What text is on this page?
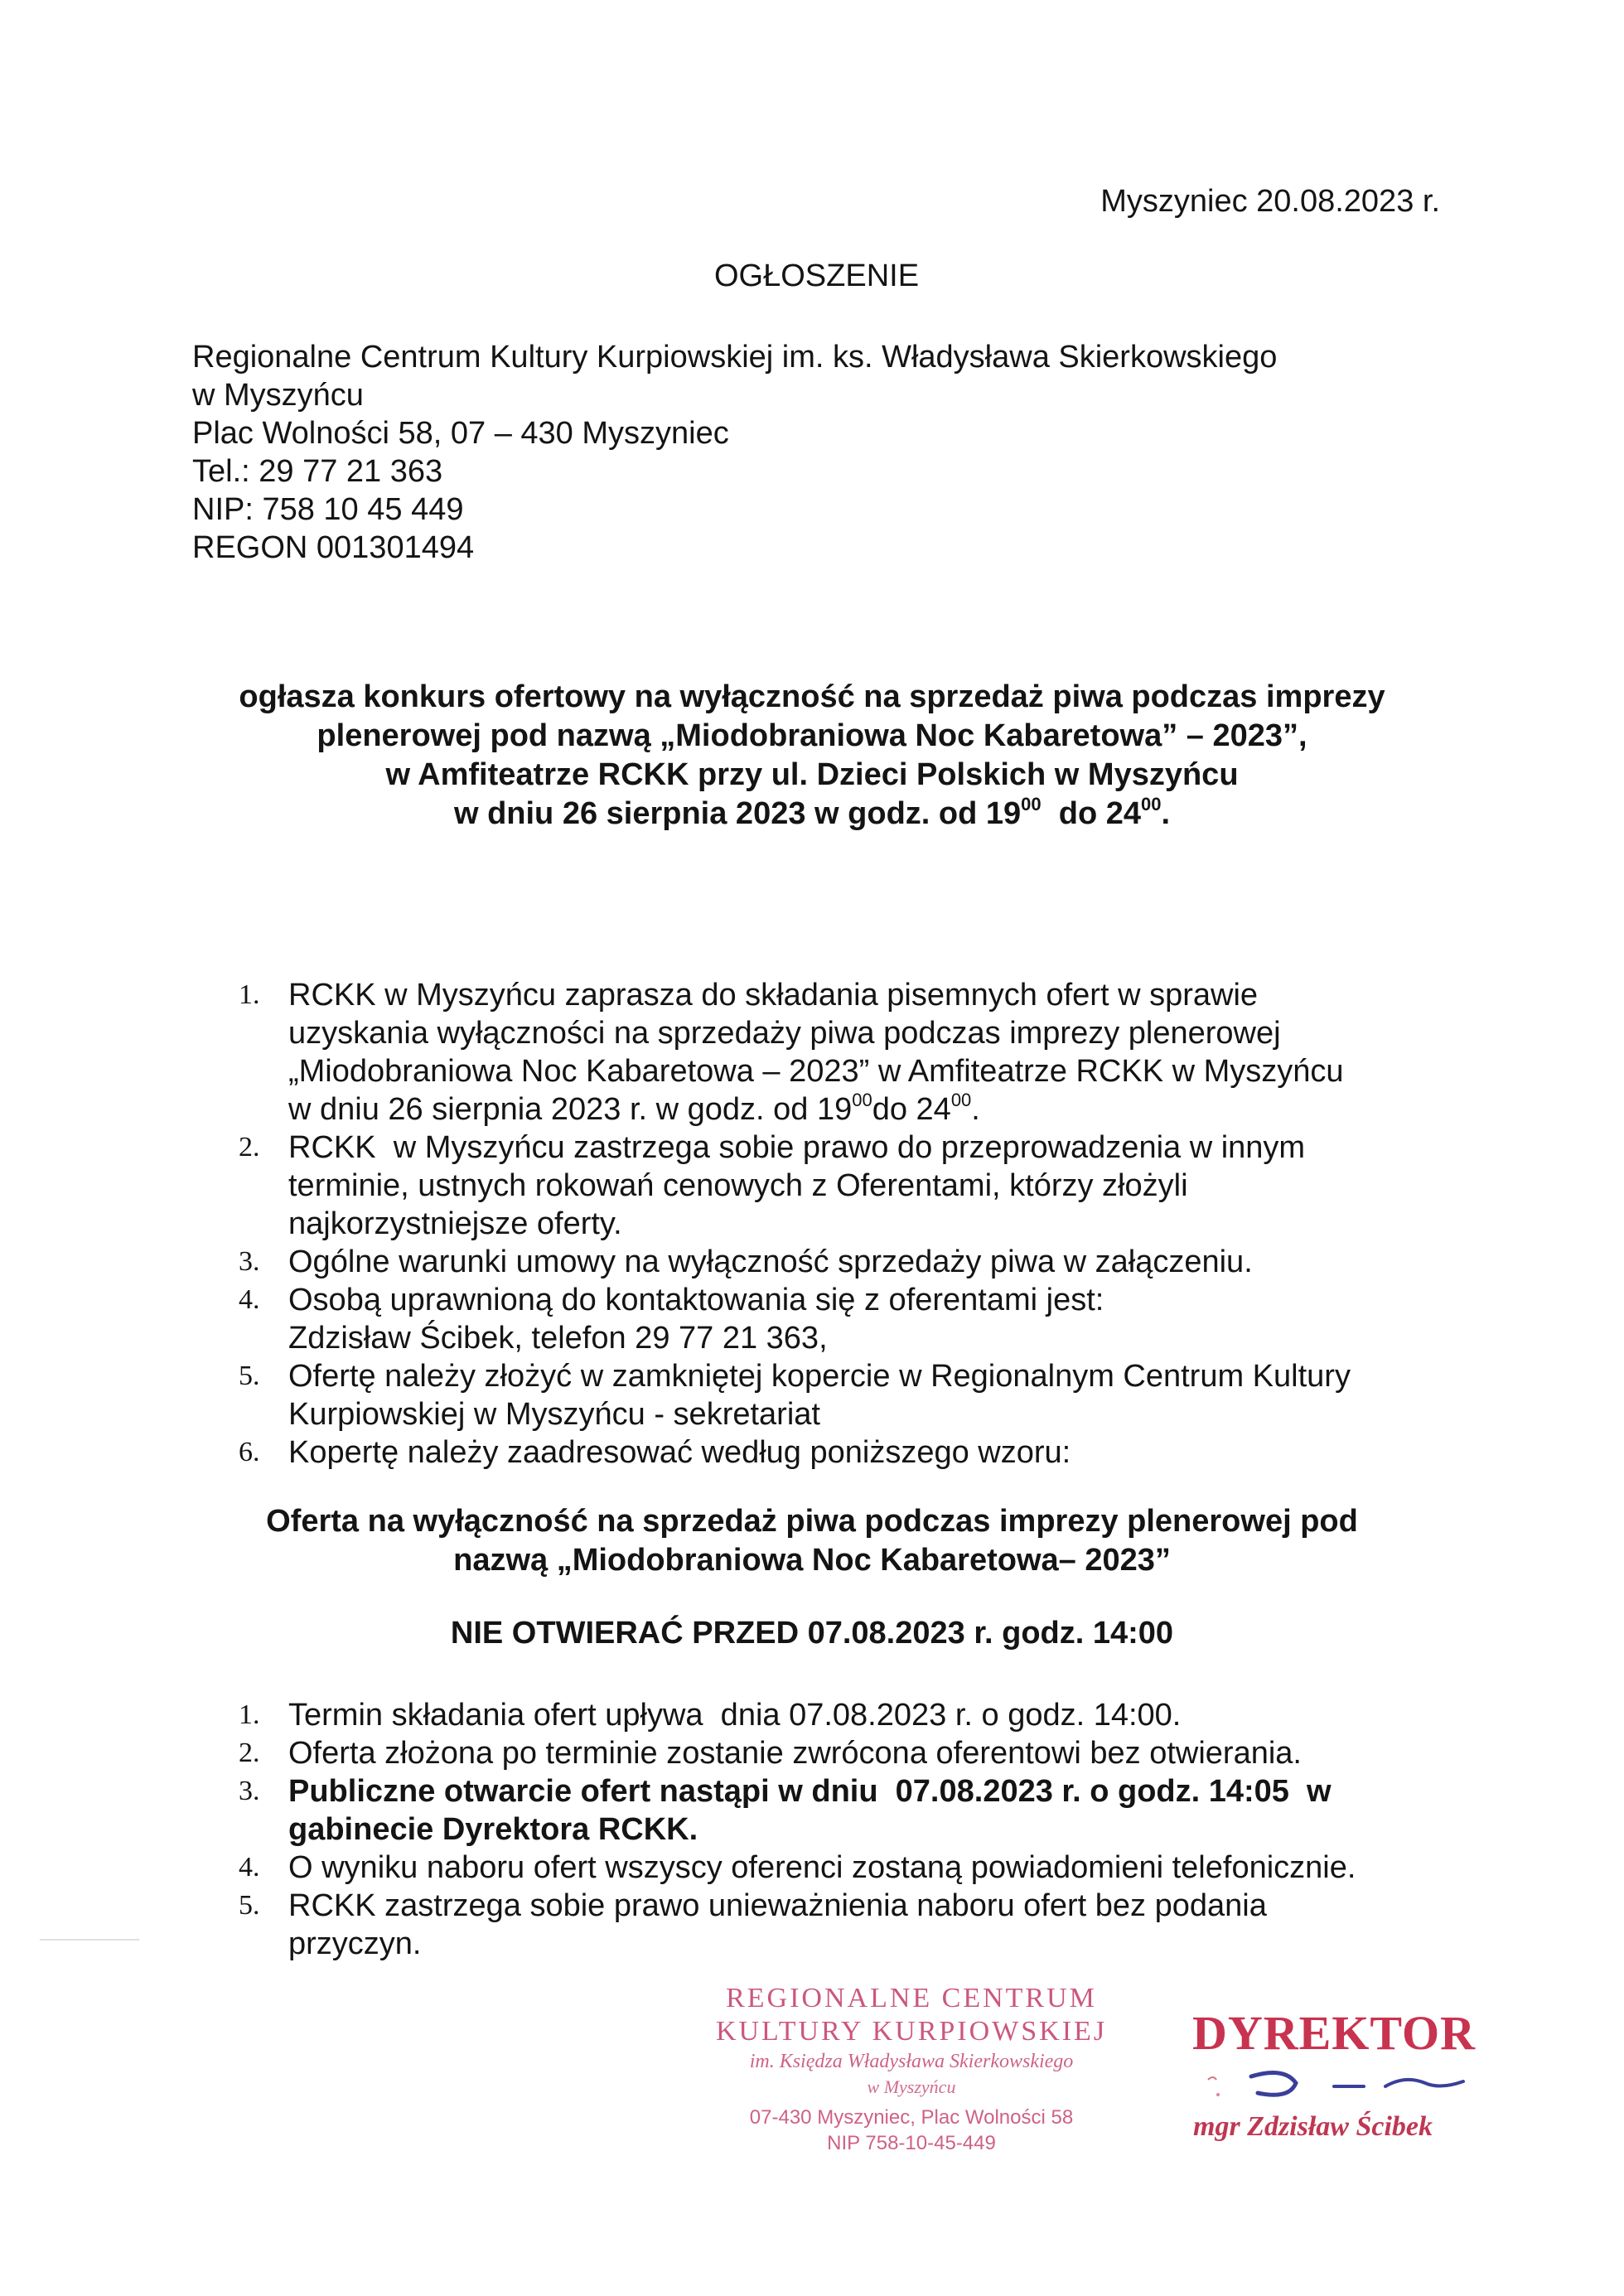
Myszyniec 20.08.2023 r.
OGŁOSZENIE
Regionalne Centrum Kultury Kurpiowskiej im. ks. Władysława Skierkowskiego
w Myszyńcu
Plac Wolności 58, 07 – 430 Myszyniec
Tel.: 29 77 21 363
NIP: 758 10 45 449
REGON 001301494
ogłasza konkurs ofertowy na wyłączność na sprzedaż piwa podczas imprezy
plenerowej pod nazwą „Miodobraniowa Noc Kabaretowa” – 2023”,
w Amfiteatrze RCKK przy ul. Dzieci Polskich w Myszyńcu
w dniu 26 sierpnia 2023 w godz. od $19^{00}$  do $24^{00}$.
1. RCKK w Myszyńcu zaprasza do składania pisemnych ofert w sprawie
uzyskania wyłączności na sprzedaży piwa podczas imprezy plenerowej
„Miodobraniowa Noc Kabaretowa – 2023” w Amfiteatrze RCKK w Myszyńcu
w dniu 26 sierpnia 2023 r. w godz. od $19^{00}do$ $24^{00}$.
2. RCKK  w Myszyńcu zastrzega sobie prawo do przeprowadzenia w innym
terminie, ustnych rokowań cenowych z Oferentami, którzy złożyli
najkorzystniejsze oferty.
3. Ogólne warunki umowy na wyłączność sprzedaży piwa w załączeniu.
4. Osobą uprawnioną do kontaktowania się z oferentami jest:
Zdzisław Ścibek, telefon 29 77 21 363,
5. Ofertę należy złożyć w zamkniętej kopercie w Regionalnym Centrum Kultury
Kurpiowskiej w Myszyńcu - sekretariat
6. Kopertę należy zaadresować według poniższego wzoru:
Oferta na wyłączność na sprzedaż piwa podczas imprezy plenerowej pod
nazwą „Miodobraniowa Noc Kabaretowa– 2023”
NIE OTWIERAĆ PRZED 07.08.2023 r. godz. 14:00
1. Termin składania ofert upływa  dnia 07.08.2023 r. o godz. 14:00.
2. Oferta złożona po terminie zostanie zwrócona oferentowi bez otwierania.
3. Publiczne otwarcie ofert nastąpi w dniu  07.08.2023 r. o godz. 14:05  w
gabinecie Dyrektora RCKK.
4. O wyniku naboru ofert wszyscy oferenci zostaną powiadomieni telefonicznie.
5. RCKK zastrzega sobie prawo unieważnienia naboru ofert bez podania
przyczyn.
REGIONALNE CENTRUM
KULTURY KURPIOWSKIEJ
im. Księdza Władysława Skierkowskiego
w Myszyńcu
07-430 Myszyniec, Plac Wolności 58
NIP 758-10-45-449
DYREKTOR
mgr Zdzisław Ścibek
